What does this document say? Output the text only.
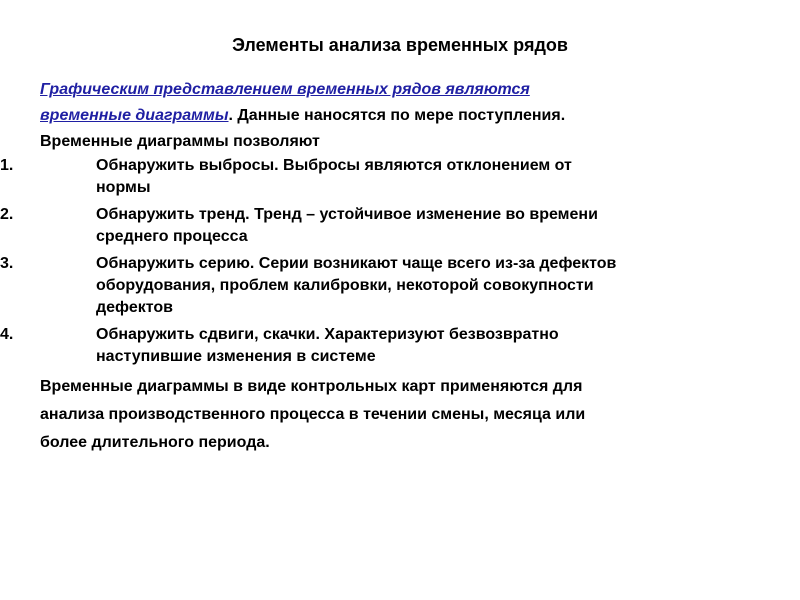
Элементы анализа временных рядов

Графическим представлением временных рядов являются

временные диаграммы. Данные наносятся по мере поступления.

Временные диаграммы позволяют

1.	Обнаружить выбросы. Выбросы являются отклонением от
нормы
2.	Обнаружить тренд. Тренд – устойчивое изменение во времени
среднего процесса
3.	Обнаружить серию. Серии возникают чаще всего из-за дефектов
оборудования, проблем калибровки, некоторой совокупности
дефектов
4.	Обнаружить сдвиги, скачки. Характеризуют безвозвратно
наступившие изменения в системе

Временные диаграммы в виде контрольных карт применяются для

анализа производственного процесса в течении смены, месяца или

более длительного периода.
